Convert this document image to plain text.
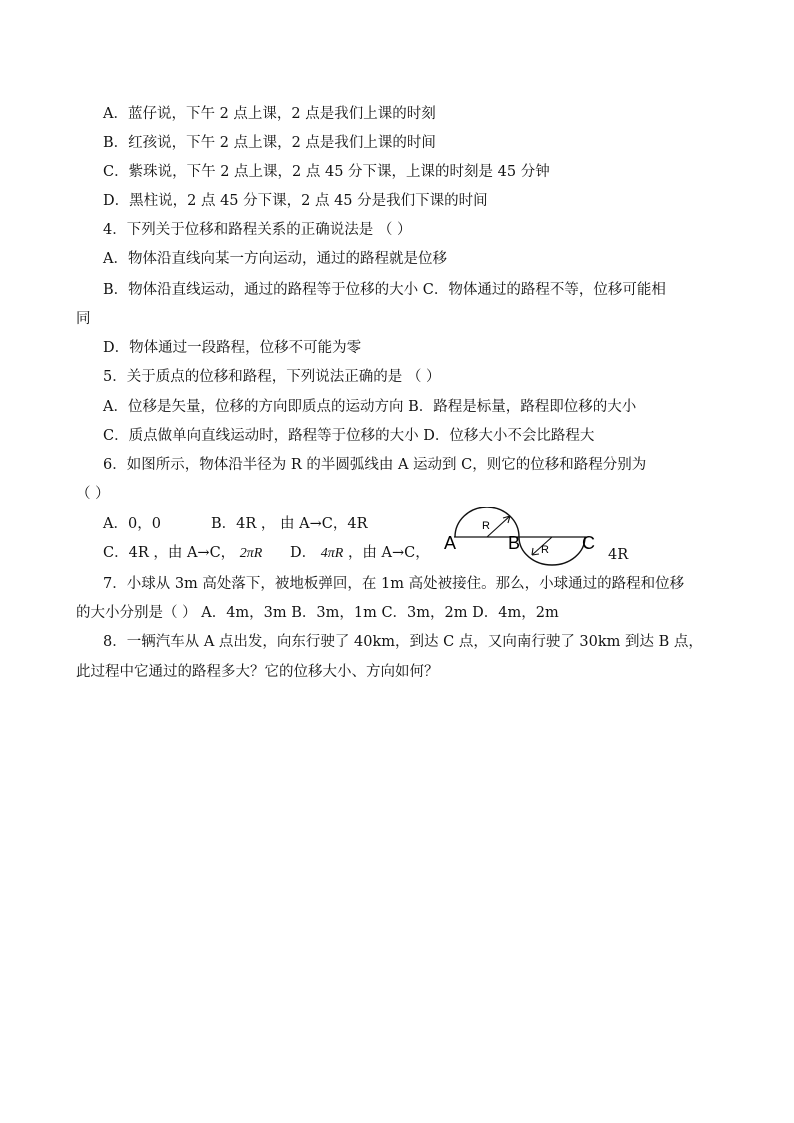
A．蓝仔说，下午 2 点上课，2 点是我们上课的时刻
B．红孩说，下午 2 点上课，2 点是我们上课的时间
C．紫珠说，下午 2 点上课，2 点 45 分下课，上课的时刻是 45 分钟
D．黑柱说，2 点 45 分下课，2 点 45 分是我们下课的时间
4．下列关于位移和路程关系的正确说法是 （ ）
A．物体沿直线向某一方向运动，通过的路程就是位移
B．物体沿直线运动，通过的路程等于位移的大小 C．物体通过的路程不等，位移可能相
同
D．物体通过一段路程，位移不可能为零
5．关于质点的位移和路程，下列说法正确的是 （ ）
A．位移是矢量，位移的方向即质点的运动方向 B．路程是标量，路程即位移的大小
C．质点做单向直线运动时，路程等于位移的大小 D．位移大小不会比路程大
6．如图所示，物体沿半径为 R 的半圆弧线由 A 运动到 C，则它的位移和路程分别为
（ ）
A．0，0	B．4R ， 由 A→C，4R
C．4R ，由 A→C， 2πR D． 4πR ，由 A→C， A	B	C
R
R	4R
7．小球从 3m 高处落下，被地板弹回，在 1m 高处被接住。那么，小球通过的路程和位移
的大小分别是（ ） A．4m，3m B．3m，1m C．3m，2m D．4m，2m
8．一辆汽车从 A 点出发，向东行驶了 40km，到达 C 点，又向南行驶了 30km 到达 B 点，
此过程中它通过的路程多大？它的位移大小、方向如何？
